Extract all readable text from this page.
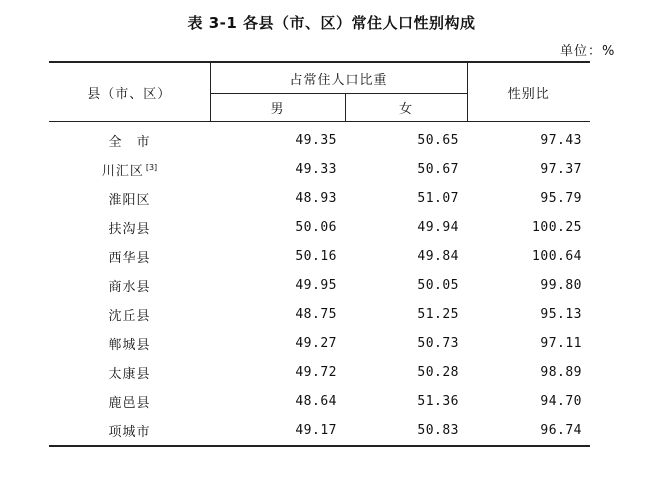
表 3-1 各县（市、区）常住人口性别构成
单位：%
县（市、区）	占常住人口比重		性别比
	男	女	
全　市	49.35	50.65	97.43
川汇区 [3]	49.33	50.67	97.37
淮阳区	48.93	51.07	95.79
扶沟县	50.06	49.94	100.25
西华县	50.16	49.84	100.64
商水县	49.95	50.05	99.80
沈丘县	48.75	51.25	95.13
郸城县	49.27	50.73	97.11
太康县	49.72	50.28	98.89
鹿邑县	48.64	51.36	94.70
项城市	49.17	50.83	96.74
